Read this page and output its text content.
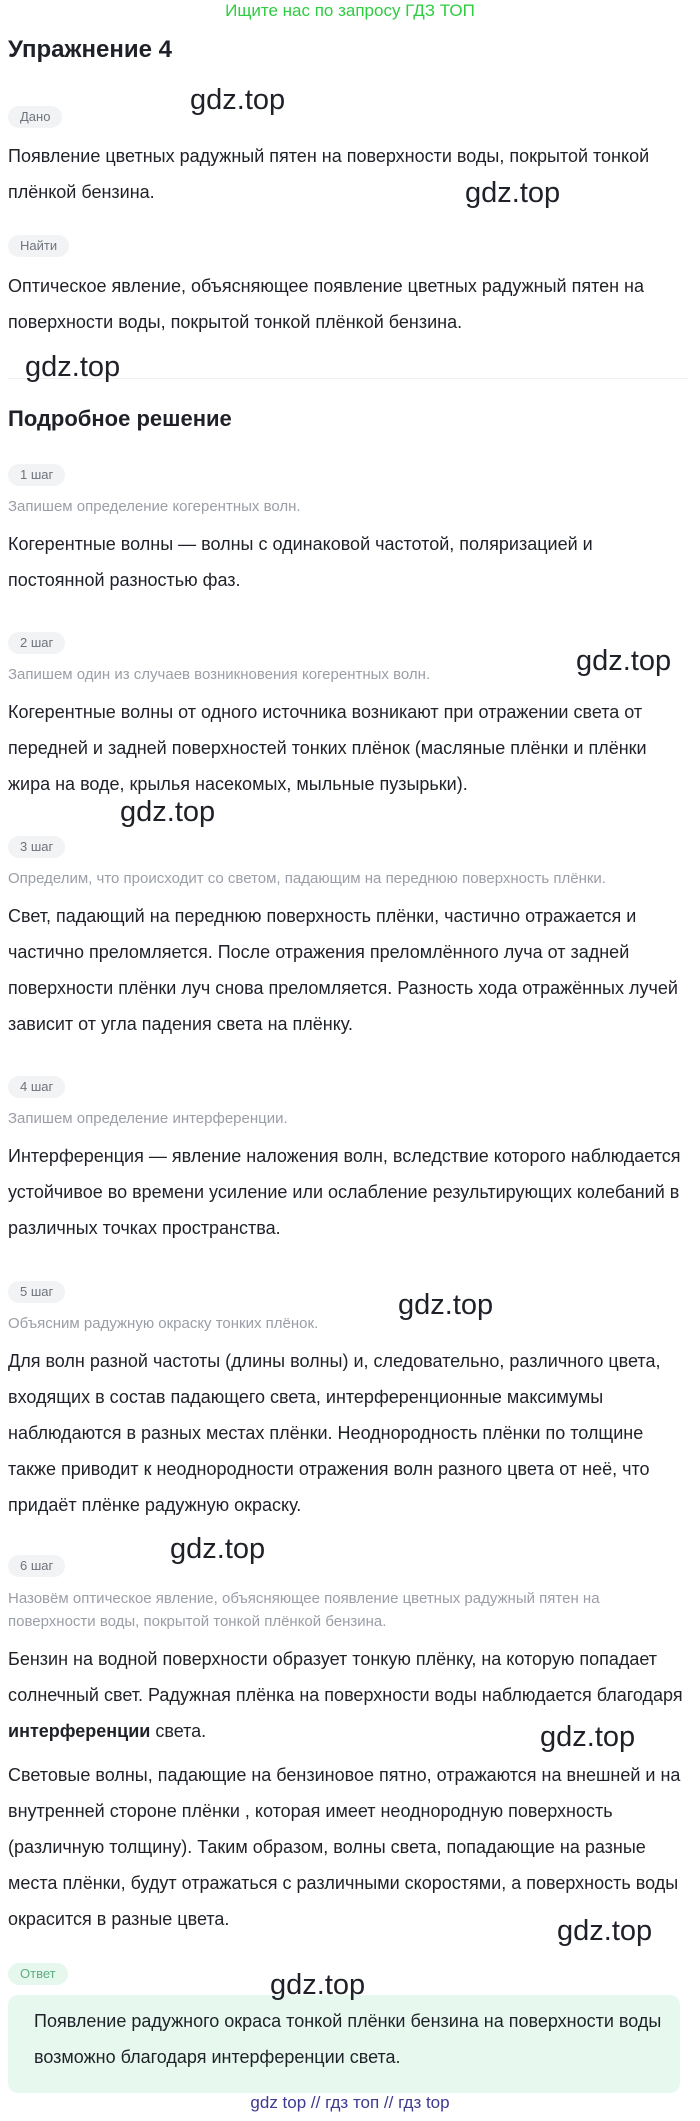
Ищите нас по запросу ГДЗ ТОП
Упражнение 4
Дано
Появление цветных радужный пятен на поверхности воды, покрытой тонкой плёнкой бензина.
Найти
Оптическое явление, объясняющее появление цветных радужный пятен на поверхности воды, покрытой тонкой плёнкой бензина.
Подробное решение
1 шаг
Запишем определение когерентных волн.
Когерентные волны — волны с одинаковой частотой, поляризацией и постоянной разностью фаз.
2 шаг
Запишем один из случаев возникновения когерентных волн.
Когерентные волны от одного источника возникают при отражении света от передней и задней поверхностей тонких плёнок (масляные плёнки и плёнки жира на воде, крылья насекомых, мыльные пузырьки).
3 шаг
Определим, что происходит со светом, падающим на переднюю поверхность плёнки.
Свет, падающий на переднюю поверхность плёнки, частично отражается и частично преломляется. После отражения преломлённого луча от задней поверхности плёнки луч снова преломляется. Разность хода отражённых лучей зависит от угла падения света на плёнку.
4 шаг
Запишем определение интерференции.
Интерференция — явление наложения волн, вследствие которого наблюдается устойчивое во времени усиление или ослабление результирующих колебаний в различных точках пространства.
5 шаг
Объясним радужную окраску тонких плёнок.
Для волн разной частоты (длины волны) и, следовательно, различного цвета, входящих в состав падающего света, интерференционные максимумы наблюдаются в разных местах плёнки. Неоднородность плёнки по толщине также приводит к неоднородности отражения волн разного цвета от неё, что придаёт плёнке радужную окраску.
6 шаг
Назовём оптическое явление, объясняющее появление цветных радужный пятен на поверхности воды, покрытой тонкой плёнкой бензина.
Бензин на водной поверхности образует тонкую плёнку, на которую попадает солнечный свет. Радужная плёнка на поверхности воды наблюдается благодаря интерференции света.
Световые волны, падающие на бензиновое пятно, отражаются на внешней и на внутренней стороне плёнки , которая имеет неоднородную поверхность (различную толщину). Таким образом, волны света, попадающие на разные места плёнки, будут отражаться с различными скоростями, а поверхность воды окрасится в разные цвета.
Ответ
Появление радужного окраса тонкой плёнки бензина на поверхности воды возможно благодаря интерференции света.
gdz.top
gdz.top
gdz.top
gdz.top
gdz.top
gdz.top
gdz.top
gdz.top
gdz.top
gdz.top
gdz top // гдз топ // гдз top
